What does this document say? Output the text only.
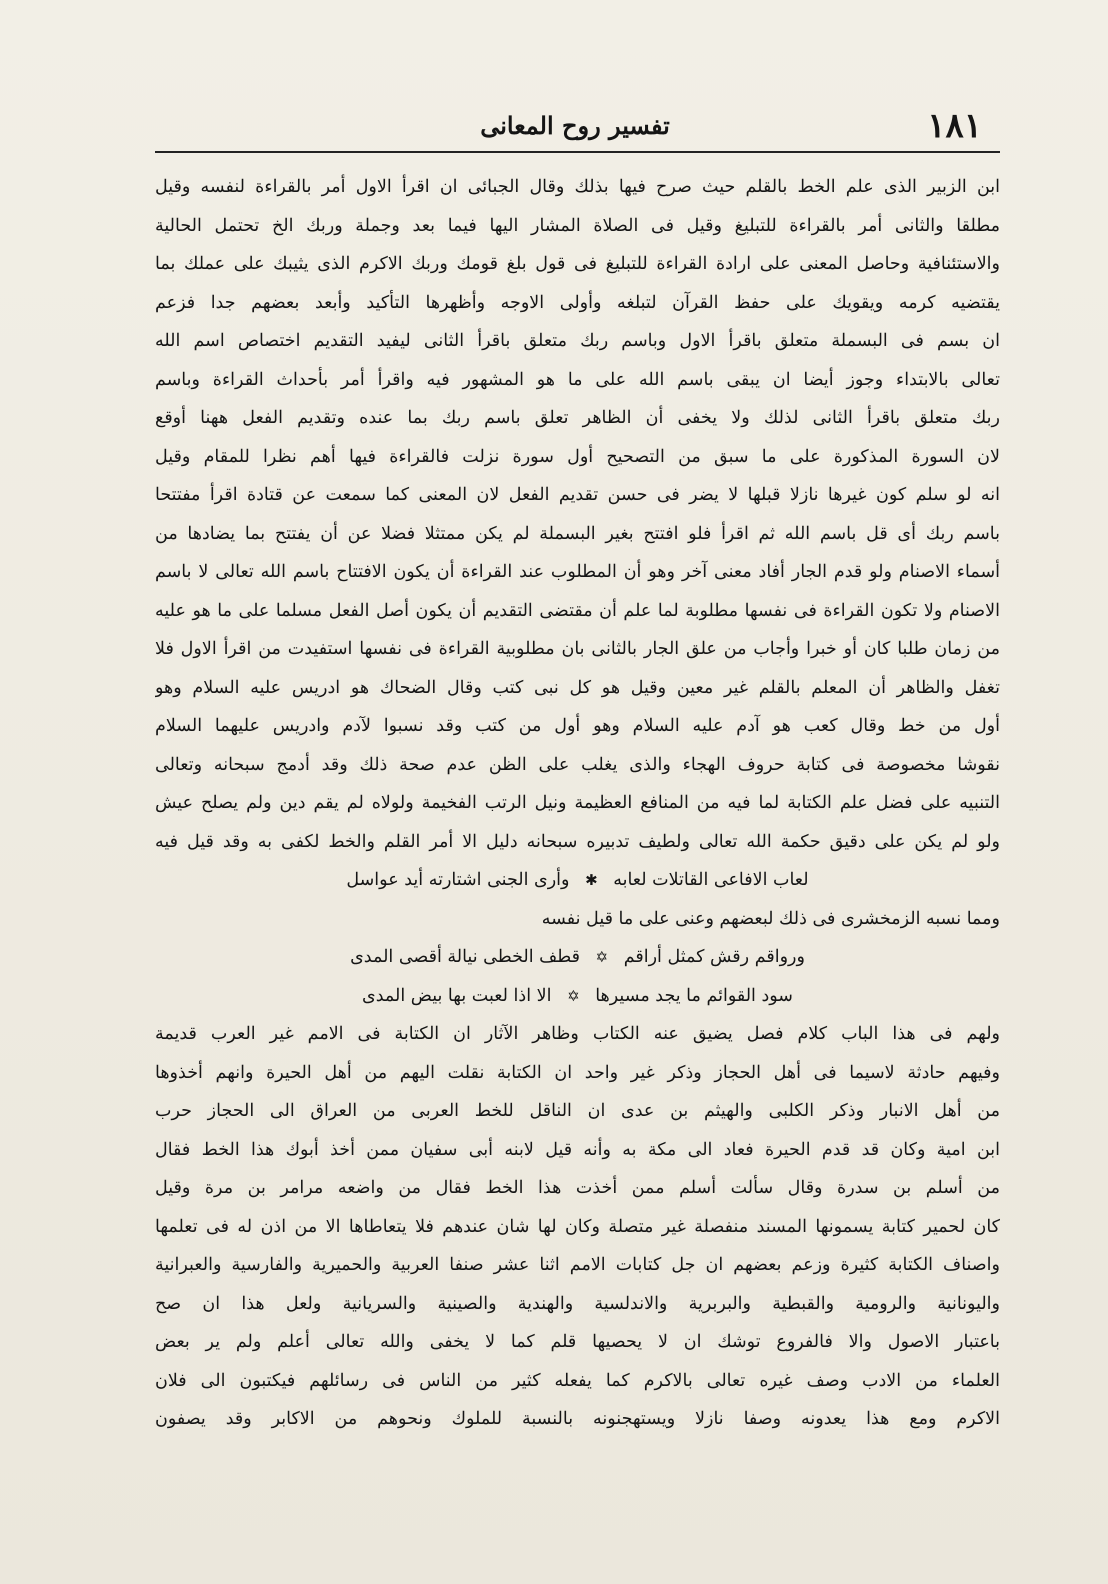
١٨١
تفسير روح المعانى
ابن الزبير الذى علم الخط بالقلم حيث صرح فيها بذلك وقال الجبائى ان اقرأ الاول أمر بالقراءة لنفسه وقيل
مطلقا والثانى أمر بالقراءة للتبليغ وقيل فى الصلاة المشار اليها فيما بعد وجملة وربك الخ تحتمل الحالية
والاستئنافية وحاصل المعنى على ارادة القراءة للتبليغ فى قول بلغ قومك وربك الاكرم الذى يثيبك على عملك بما
يقتضيه كرمه ويقويك على حفظ القرآن لتبلغه وأولى الاوجه وأظهرها التأكيد وأبعد بعضهم جدا فزعم
ان بسم فى البسملة متعلق باقرأ الاول وباسم ربك متعلق باقرأ الثانى ليفيد التقديم اختصاص اسم الله
تعالى بالابتداء وجوز أيضا ان يبقى باسم الله على ما هو المشهور فيه واقرأ أمر بأحداث القراءة وباسم
ربك متعلق باقرأ الثانى لذلك ولا يخفى أن الظاهر تعلق باسم ربك بما عنده وتقديم الفعل ههنا أوقع
لان السورة المذكورة على ما سبق من التصحيح أول سورة نزلت فالقراءة فيها أهم نظرا للمقام وقيل
انه لو سلم كون غيرها نازلا قبلها لا يضر فى حسن تقديم الفعل لان المعنى كما سمعت عن قتادة اقرأ مفتتحا
باسم ربك أى قل باسم الله ثم اقرأ فلو افتتح بغير البسملة لم يكن ممتثلا فضلا عن أن يفتتح بما يضادها من
أسماء الاصنام ولو قدم الجار أفاد معنى آخر وهو أن المطلوب عند القراءة أن يكون الافتتاح باسم الله تعالى لا باسم
الاصنام ولا تكون القراءة فى نفسها مطلوبة لما علم أن مقتضى التقديم أن يكون أصل الفعل مسلما على ما هو عليه
من زمان طلبا كان أو خبرا وأجاب من علق الجار بالثانى بان مطلوبية القراءة فى نفسها استفيدت من اقرأ الاول فلا
تغفل والظاهر أن المعلم بالقلم غير معين وقيل هو كل نبى كتب وقال الضحاك هو ادريس عليه السلام وهو
أول من خط وقال كعب هو آدم عليه السلام وهو أول من كتب وقد نسبوا لآدم وادريس عليهما السلام
نقوشا مخصوصة فى كتابة حروف الهجاء والذى يغلب على الظن عدم صحة ذلك وقد أدمج سبحانه وتعالى
التنبيه على فضل علم الكتابة لما فيه من المنافع العظيمة ونيل الرتب الفخيمة ولولاه لم يقم دين ولم يصلح عيش
ولو لم يكن على دقيق حكمة الله تعالى ولطيف تدبيره سبحانه دليل الا أمر القلم والخط لكفى به وقد قيل فيه
لعاب الافاعى القاتلات لعابه ✱ وأرى الجنى اشتارته أيد عواسل
ومما نسبه الزمخشرى فى ذلك لبعضهم وعنى على ما قيل نفسه
ورواقم رقش كمثل أراقم ✡ قطف الخطى نيالة أقصى المدى
سود القوائم ما يجد مسيرها ✡ الا اذا لعبت بها بيض المدى
ولهم فى هذا الباب كلام فصل يضيق عنه الكتاب وظاهر الآثار ان الكتابة فى الامم غير العرب قديمة
وفيهم حادثة لاسيما فى أهل الحجاز وذكر غير واحد ان الكتابة نقلت اليهم من أهل الحيرة وانهم أخذوها
من أهل الانبار وذكر الكلبى والهيثم بن عدى ان الناقل للخط العربى من العراق الى الحجاز حرب
ابن امية وكان قد قدم الحيرة فعاد الى مكة به وأنه قيل لابنه أبى سفيان ممن أخذ أبوك هذا الخط فقال
من أسلم بن سدرة وقال سألت أسلم ممن أخذت هذا الخط فقال من واضعه مرامر بن مرة وقيل
كان لحمير كتابة يسمونها المسند منفصلة غير متصلة وكان لها شان عندهم فلا يتعاطاها الا من اذن له فى تعلمها
واصناف الكتابة كثيرة وزعم بعضهم ان جل كتابات الامم اثنا عشر صنفا العربية والحميرية والفارسية والعبرانية
واليونانية والرومية والقبطية والبربرية والاندلسية والهندية والصينية والسريانية ولعل هذا ان صح
باعتبار الاصول والا فالفروع توشك ان لا يحصيها قلم كما لا يخفى والله تعالى أعلم ولم ير بعض
العلماء من الادب وصف غيره تعالى بالاكرم كما يفعله كثير من الناس فى رسائلهم فيكتبون الى فلان
الاكرم ومع هذا يعدونه وصفا نازلا ويستهجنونه بالنسبة للملوك ونحوهم من الاكابر وقد يصفون
